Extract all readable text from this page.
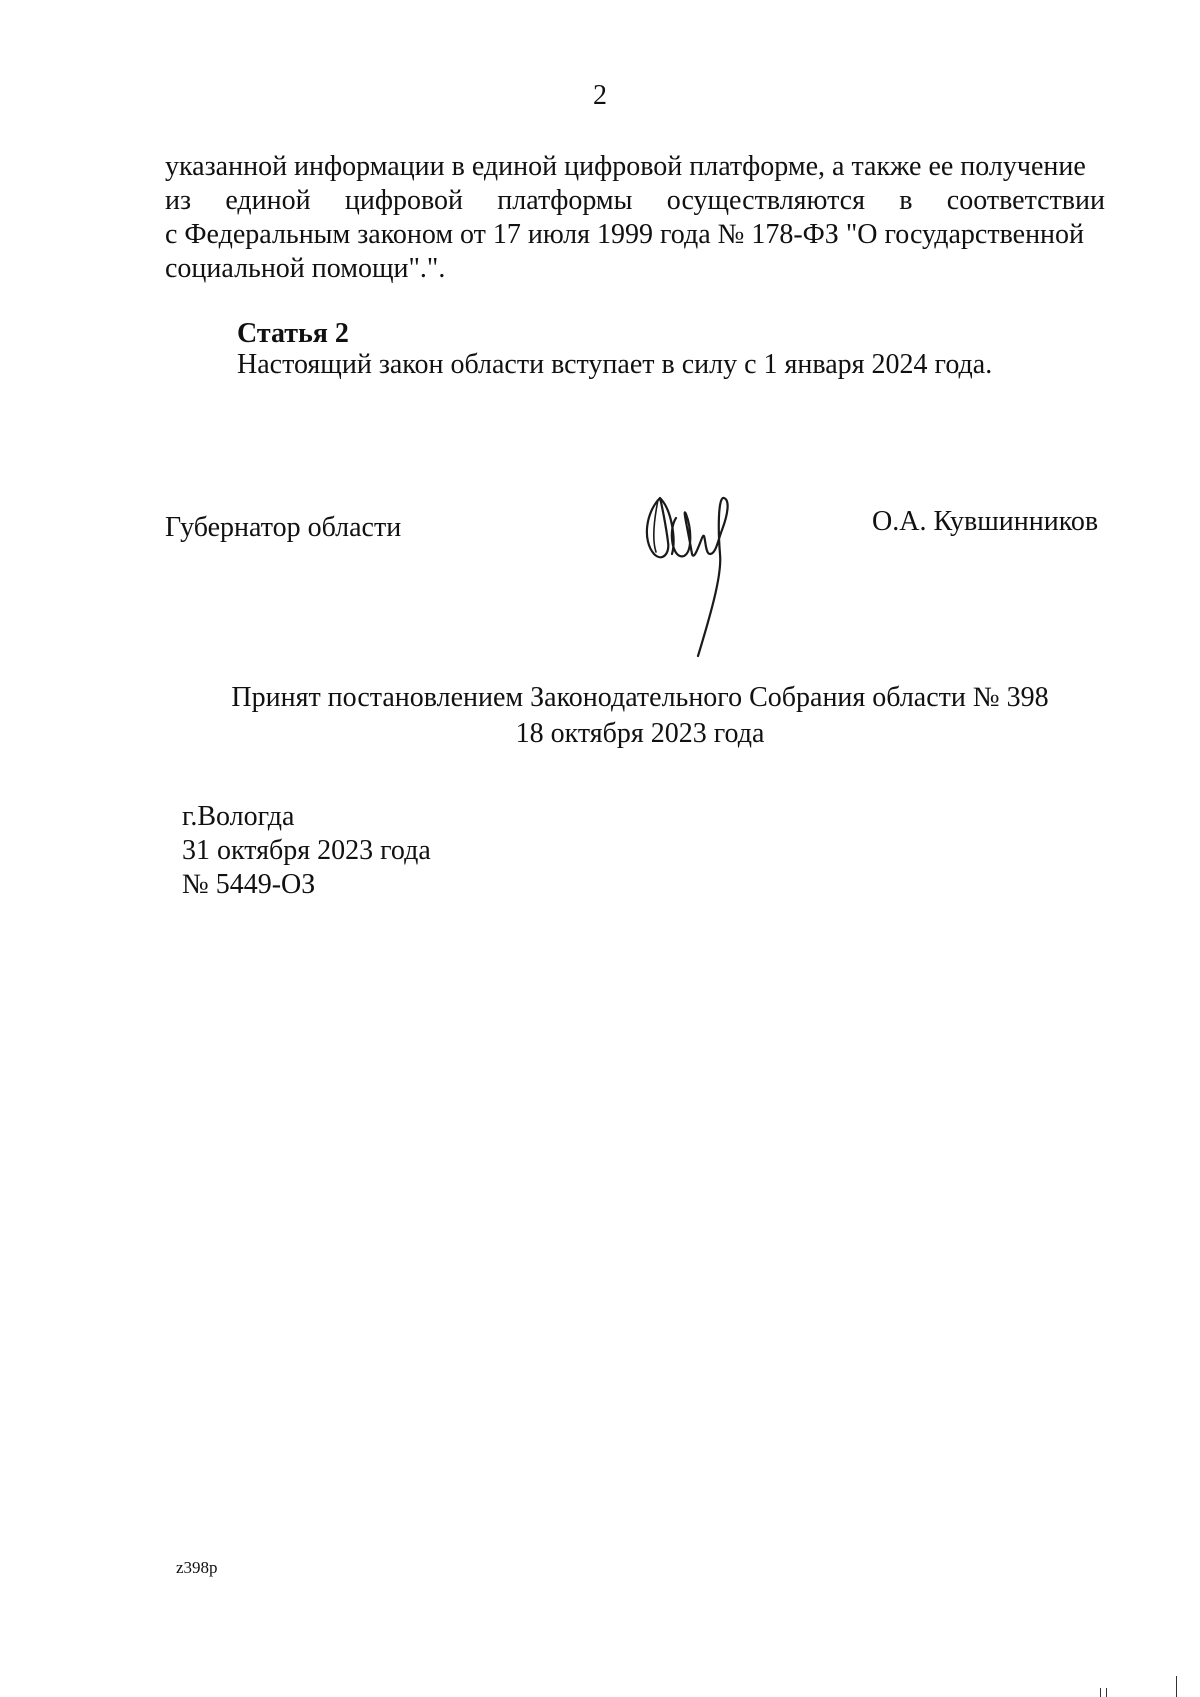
2
указанной информации в единой цифровой платформе, а также ее получение
из единой цифровой платформы осуществляются в соответствии
с Федеральным законом от 17 июля 1999 года № 178-ФЗ "О государственной
социальной помощи".".
Статья 2
Настоящий закон области вступает в силу с 1 января 2024 года.
Губернатор области	О.А. Кувшинников
Принят постановлением Законодательного Собрания области № 398
18 октября 2023 года
г.Вологда
31 октября 2023 года
№ 5449-ОЗ
z398p
